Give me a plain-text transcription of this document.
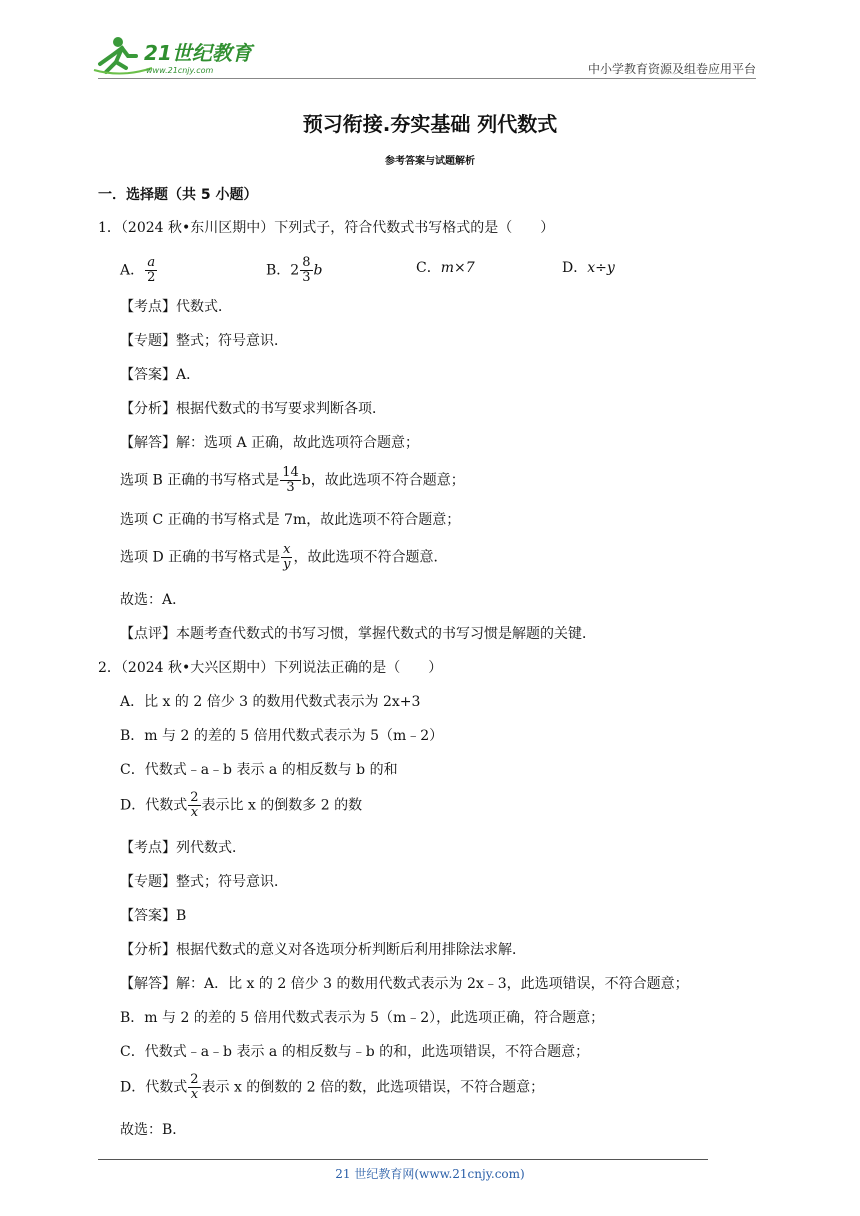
21世纪教育
www.21cnjy.com	中小学教育资源及组卷应用平台
预习衔接.夯实基础 列代数式
参考答案与试题解析
一．选择题（共 5 小题）
1．（2024 秋•东川区期中）下列式子，符合代数式书写格式的是（　　）
A． $\frac{a}{2}$	B．$2 \frac{8}{3}$ b	C．m×7	D．x÷y
【考点】代数式．
【专题】整式；符号意识．
【答案】A．
【分析】根据代数式的书写要求判断各项．
【解答】解：选项 A 正确，故此选项符合题意；
选项 B 正确的书写格式是 $\frac{14}{3}$ b，故此选项不符合题意；
选项 C 正确的书写格式是 7m，故此选项不符合题意；
选项 D 正确的书写格式是 $\frac{x}{y}$ ，故此选项不符合题意．
故选：A．
【点评】本题考查代数式的书写习惯，掌握代数式的书写习惯是解题的关键．
2．（2024 秋•大兴区期中）下列说法正确的是（　　）
A．比 x 的 2 倍少 3 的数用代数式表示为 2x+3
B．m 与 2 的差的 5 倍用代数式表示为 5（m﹣2）
C．代数式﹣a﹣b 表示 a 的相反数与 b 的和
D．代数式 $\frac{2}{x}$ 表示比 x 的倒数多 2 的数
【考点】列代数式．
【专题】整式；符号意识．
【答案】B
【分析】根据代数式的意义对各选项分析判断后利用排除法求解．
【解答】解：A．比 x 的 2 倍少 3 的数用代数式表示为 2x﹣3，此选项错误，不符合题意；
B．m 与 2 的差的 5 倍用代数式表示为 5（m﹣2），此选项正确，符合题意；
C．代数式﹣a﹣b 表示 a 的相反数与﹣b 的和，此选项错误，不符合题意；
D．代数式 $\frac{2}{x}$ 表示 x 的倒数的 2 倍的数，此选项错误，不符合题意；
故选：B．
21 世纪教育网(www.21cnjy.com)
